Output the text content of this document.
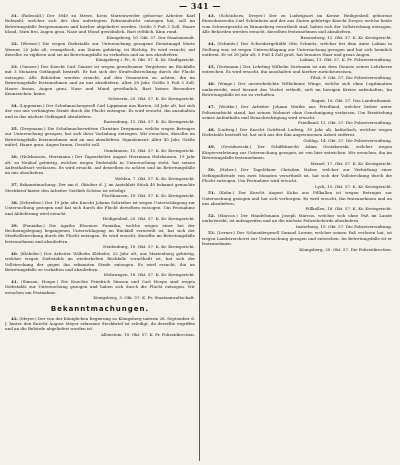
— 341 —

31. (Rohwald.) Der 1840 zu Mewe, Kreis Marienwerder geborene Arbeiter Karl Rohwald, welcher sich der ihm auferlegten Polizeiaufsicht entzogen hat, soll im Betretungsfalle festgenommen und hierher abgeliefert werden. Größe 5 Fuß 3 Zoll, Haare blond, Stirn frei, Augen grau, Nase und Mund gewöhnlich, Bart röthlich, Kinn rund.
Königsberg, 10. Okt. 57. Der Staatsanwalt.

32. (Werner.) Die wegen Diebstahls zur Untersuchung gezogene Dienstmagd Marie Werner, 25 Jahr alt, evangelisch, aus Zinten gebürtig, ist flüchtig. Es wird ersucht, auf dieselbe zu vigiliren und sie im Betretungsfalle zu verhaften und an uns abzuliefern.
Königsberg i. Pr., 8. Okt. 57. K. Kr. Stadtgericht.

33. (Ganzer.) Der Knecht Carl Ganzer ist wegen gewaltsamer Vergehens im Rückfalle mit 3 Monaten Gefängniß bestraft. Er hat sich der Strafvollstreckung durch die Flucht entzogen. Alle Behörden werden ersucht, auf den Genannten zu achten, ihn im Betretungsfalle festzunehmen und an uns abzuliefern. Alter 28 Jahr, Größe 5 Fuß 5 Zoll, Haare braun, Augen grau, Nase und Mund gewöhnlich, Bart keiner. Besondere Kennzeichen: keine.
Schwerin, 20. Okt. 57. K. Kr. Kreisgericht.

34. (Lippmann.) Der Schuhmachergesell Carl Lippmann aus Barten, 24 Jahr alt, hat sich der von uns verhängten Strafe durch die Flucht entzogen. Es wird ersucht, ihn anzuhalten und in das nächste Gefängniß abzuliefern.
Rastenburg, 11. Okt. 57. K. Kr. Kreisgericht.

35. (Dreymann.) Die Schuhmacherwittwe Christine Dreymann, welche wegen Betruges zur Untersuchung gezogen, hat sich ihrer Vorladung entzogen. Wir ersuchen, dieselbe im Betretungsfalle festzunehmen und an uns abzuliefern. Signalement: Alter 45 Jahr, Größe mittel, Haare grau, Augen braun, Gesicht voll.
Gumbinnen, 15. Okt. 57. K. Kr. Kreisgericht.

36. (Holzhausen, Herrmann.) Der Tagearbeiter August Herrmann Holzhausen, 19 Jahr alt, zu Neuhof gebürtig, welcher wegen Diebstahls in Untersuchung steht, hat seinen Aufenthaltsort verlassen. Es wird ersucht, auf denselben zu achten und im Betretungsfalle an uns abzuliefern.
Wehlau, 7. Okt. 57. K. Kr. Kreisgericht.

37. Bekanntmachung. Der am 6. Oktober d. J. im Amtsblatt Stück 40 bekannt gemachte Steckbrief hinter den Arbeiter Gottlieb Schöne ist erledigt.
Fischhausen, 19. Okt. 57. K. Kr. Kreisgericht.

38. (Schreiber.) Der 19 Jahr alte Knecht Johann Schreiber ist wegen Unterschlagung zur Untersuchung gezogen und hat sich durch die Flucht derselben entzogen. Um Festnahme und Ablieferung wird ersucht.
Heiligenbeil, 20. Okt. 57. K. Kr. Kreisgericht.

39. (Poniatka.) Die Agathe Eleonore Poniatka, welche wegen einer bei der Rechnungslegung begangenen Unterschlagung im Rückfall verurteilt ist, hat sich der Strafvollstreckung durch die Flucht entzogen. Es wird ersucht, dieselbe im Betretungsfalle festzunehmen und abzuliefern.
Neidenburg, 10. Okt. 57. K. Kr. Kreisgericht.

40. (Klebeler.) Der Arbeiter Wilhelm Klebeler, 22 Jahr alt, aus Marienburg gebürtig, welcher wegen Diebstahls im wiederholten Rückfalle verurtheilt ist, hat sich der Vollstreckung der gegen ihn erkannten Strafe entzogen. Es wird ersucht, ihn im Betretungsfalle zu verhaften und abzuliefern.
Mohrungen, 18. Okt. 57. K. Kr. Kreisgericht.

41. (Simson, Hoepe.) Die Knechte Friedrich Simson und Carl Hoepe sind wegen Diebstahls zur Untersuchung gezogen und haben sich durch die Flucht entzogen. Wir ersuchen um Festnahme.
Königsberg, 3. Okt. 57. K. Pr. Staatsanwaltschaft.

Bekanntmachungen.

42. (Meyer.) Der von der Königlichen Regierung zu Königsberg unterm 28. September d. J. hinter den Knecht August Meyer erlassene Steckbrief ist erledigt, da derselbe ergriffen und an die Behörde abgeliefert worden ist.
Allenstein, 10. Okt. 57. K. Pr. Polizeidirection.

43. (Schönborn, Dreyer.) Der zu Ludwigsort im Kreise Heiligenbeil geborene Einwohnersohn Carl Schönborn und der aus Zinten gebürtige Knecht Dreyer, welche beide vom Schwurgericht zu Braunsberg verurtheilt sind, haben sich der Vollstreckung entzogen. Alle Behörden werden ersucht, dieselben festzunehmen und abzuliefern.
Braunsberg, 12. Okt. 57. K. Kr. Kreisgericht.

44. (Schmitz.) Der Schreibergehülfe Otto Schmitz, welcher bei dem Amte Labiau in Stellung war, ist wegen Unterschlagung zur Untersuchung gezogen und hat sich heimlich entfernt. Er ist 26 Jahr alt, 5 Fuß 4 Zoll groß, hat braunes Haar und graue Augen.
Labiau, 11. Okt. 57. K. Pr. Polizeiverwaltung.

45. (Vortmann.) Der Lehrling Wilhelm Vortmann ist aus dem Dienste seines Lehrherrn entwichen. Es wird ersucht, ihn anzuhalten und hierher zurückzuweisen.
Tilsit, 9. Okt. 57. Die Polizeiverwaltung.

46. (Winge.) Der unverehelichte Wilhelmine Winge, welche sich ohne Legitimation umhertreibt, wird hiermit das Verbot ertheilt, sich im hiesigen Kreise aufzuhalten. Im Betretungsfalle ist sie zu verhaften.
Ragnit, 16. Okt. 57. Das Landrathsamt.

47. (Woitke.) Der Arbeiter Johann Woitke aus Friedland, welcher bisher unter Polizeiaufsicht stand, hat seinen Wohnort ohne Genehmigung verlassen. Um Ermittelung seines Aufenthalts und Benachrichtigung wird ersucht.
Friedland, 13. Okt. 57. Die Polizeiverwaltung.

48. (Ludwig.) Der Knecht Gottfried Ludwig, 30 Jahr alt, katholisch, welcher wegen Diebstahls bestraft ist, hat sich aus der ihm angewiesenen Arbeit entfernt.
Goldap, 14. Okt. 57. Die Polizeiverwaltung.

49. (Grotzkowski.) Der Schiffsknecht Adam Grotzkowski, welcher wegen Körperverletzung zur Untersuchung gezogen, ist von hier entwichen. Wir ersuchen, ihn im Betretungsfalle festzunehmen.
Memel, 17. Okt. 57. K. Kr. Kreisgericht.

50. (Haber.) Der Tagelöhner Christian Haber, welcher zur Verbüßung einer Gefängnißstrafe von zwei Monaten verurtheilt ist, hat sich der Vollstreckung durch die Flucht entzogen. Um Festnahme wird ersucht.
Lyck, 15. Okt. 57. K. Kr. Kreisgericht.

51. (Kuhn.) Der Knecht August Kuhn aus Pillkallen ist wegen Betruges zur Untersuchung gezogen und hat sich verborgen. Es wird ersucht, ihn festzunehmen und an uns abzuliefern.
Pillkallen, 18. Okt. 57. K. Kr. Kreisgericht.

52. (Marcus.) Der Handelsmann Joseph Marcus, welcher sich ohne Paß im Lande umhertreibt, ist aufzugreifen und an die nächste Polizeibehörde abzuliefern.
Insterburg, 19. Okt. 57. Die Polizeiverwaltung.

53. (Lerner.) Der Schneidergesell Samuel Lerner, welcher seinen Paß verloren hat, ist wegen Landstreicherei zur Untersuchung gezogen und entwichen. Im Betretungsfalle ist er festzunehmen.
Königsberg, 20. Okt. 57. Die Polizeidirection.
